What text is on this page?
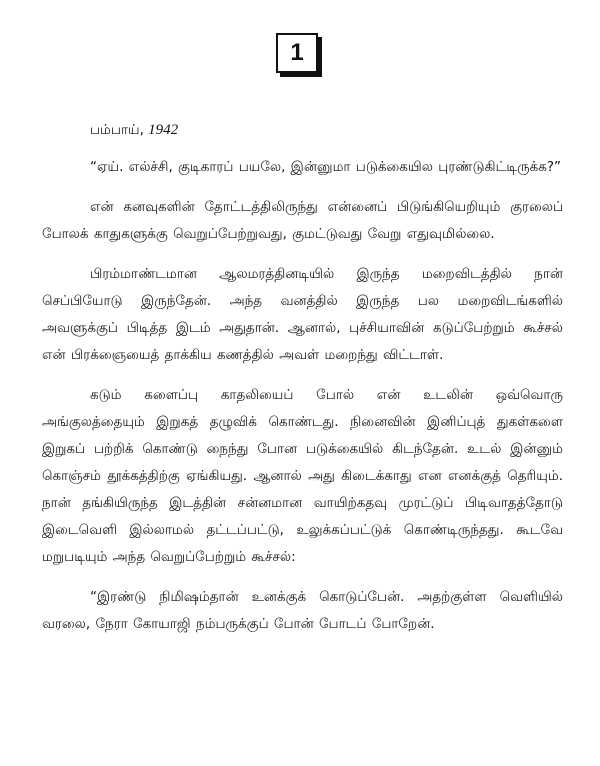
1
பம்பாய், 1942

“ஏய். எல்ச்சி, குடிகாரப் பயலே, இன்னுமா படுக்கையில புரண்டுகிட்டிருக்க?”

என் கனவுகளின் தோட்டத்திலிருந்து என்னைப் பிடுங்கியெறியும் குரலைப் போலக் காதுகளுக்கு வெறுப்பேற்றுவது, குமட்டுவது வேறு எதுவுமில்லை.

பிரம்மாண்டமான ஆலமரத்தினடியில் இருந்த மறைவிடத்தில் நான் செப்பியோடு இருந்தேன். அந்த வனத்தில் இருந்த பல மறைவிடங்களில் அவளுக்குப் பிடித்த இடம் அதுதான். ஆனால், புச்சியாவின் கடுப்பேற்றும் கூச்சல் என் பிரக்ஞையைத் தாக்கிய கணத்தில் அவள் மறைந்து விட்டாள்.

கடும் களைப்பு காதலியைப் போல் என் உடலின் ஒவ்வொரு அங்குலத்தையும் இறுகத் தழுவிக் கொண்டது. நினைவின் இனிப்புத் துகள்களை இறுகப் பற்றிக் கொண்டு நைந்து போன படுக்கையில் கிடந்தேன். உடல் இன்னும் கொஞ்சம் தூக்கத்திற்கு ஏங்கியது. ஆனால் அது கிடைக்காது என எனக்குத் தெரியும். நான் தங்கியிருந்த இடத்தின் சன்னமான வாயிற்கதவு முரட்டுப் பிடிவாதத்தோடு இடைவெளி இல்லாமல் தட்டப்பட்டு, உலுக்கப்பட்டுக் கொண்டிருந்தது. கூடவே மறுபடியும் அந்த வெறுப்பேற்றும் கூச்சல்:

“இரண்டு நிமிஷம்தான் உனக்குக் கொடுப்பேன். அதற்குள்ள வெளியில் வரலை, நேரா கோயாஜி நம்பருக்குப் போன் போடப் போறேன்.
